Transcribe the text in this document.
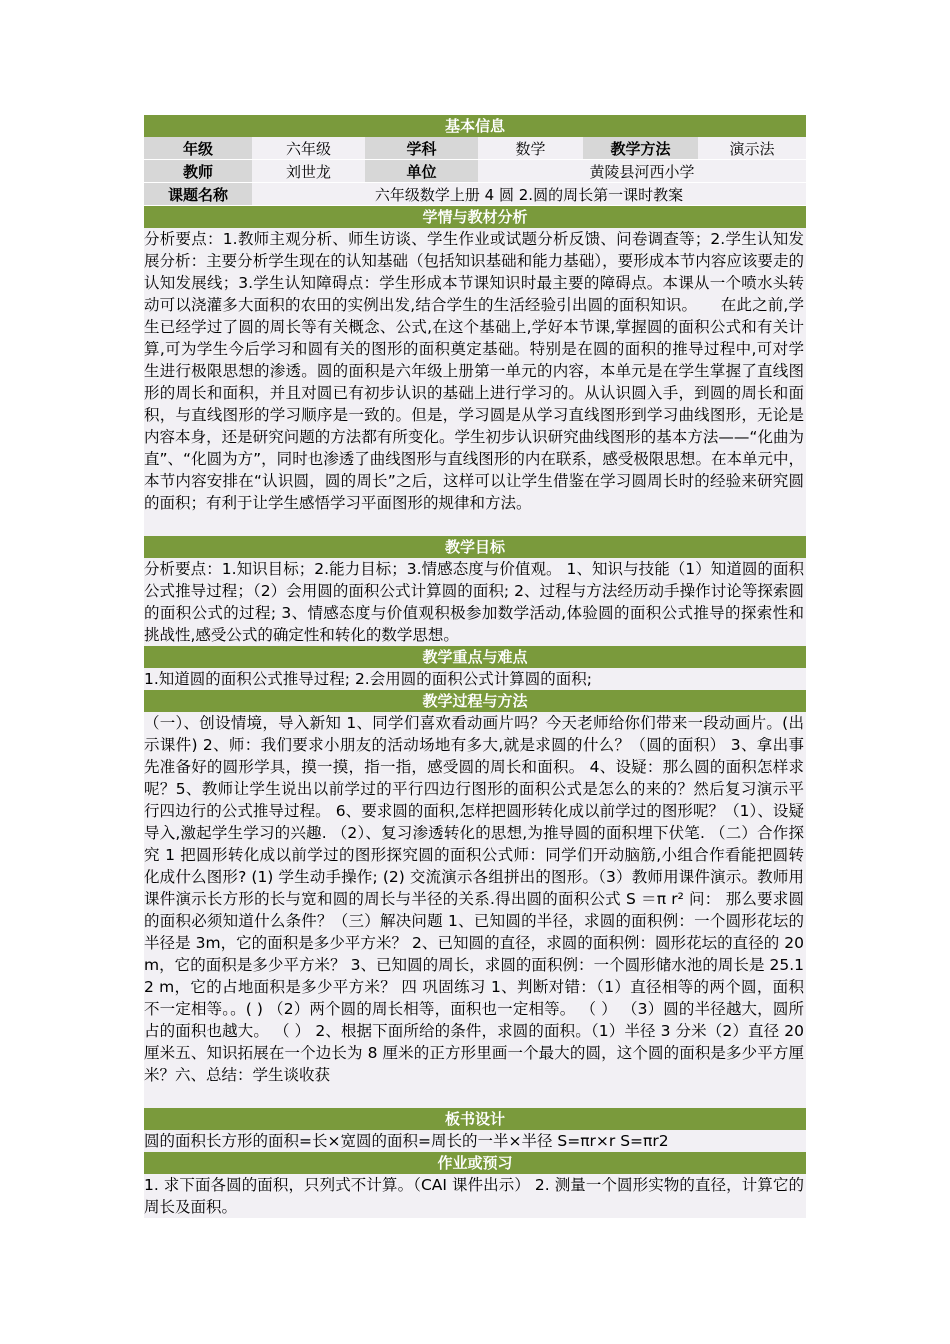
基本信息
年级	六年级	学科	数学	教学方法	演示法
教师	刘世龙	单位	黄陵县河西小学		
课题名称	六年级数学上册 4 圆 2.圆的周长第一课时教案				
学情与教材分析
分析要点：1.教师主观分析、师生访谈、学生作业或试题分析反馈、问卷调查等；2.学生认知发展分析：主要分析学生现在的认知基础（包括知识基础和能力基础），要形成本节内容应该要走的认知发展线；3.学生认知障碍点：学生形成本节课知识时最主要的障碍点。本课从一个喷水头转动可以浇灌多大面积的农田的实例出发,结合学生的生活经验引出圆的面积知识。　　在此之前,学生已经学过了圆的周长等有关概念、公式,在这个基础上,学好本节课,掌握圆的面积公式和有关计算,可为学生今后学习和圆有关的图形的面积奠定基础。特别是在圆的面积的推导过程中,可对学生进行极限思想的渗透。圆的面积是六年级上册第一单元的内容，本单元是在学生掌握了直线图形的周长和面积，并且对圆已有初步认识的基础上进行学习的。从认识圆入手，到圆的周长和面积，与直线图形的学习顺序是一致的。但是，学习圆是从学习直线图形到学习曲线图形，无论是内容本身，还是研究问题的方法都有所变化。学生初步认识研究曲线图形的基本方法——“化曲为直”、“化圆为方”，同时也渗透了曲线图形与直线图形的内在联系，感受极限思想。在本单元中，本节内容安排在“认识圆，圆的周长”之后，这样可以让学生借鉴在学习圆周长时的经验来研究圆的面积；有利于让学生感悟学习平面图形的规律和方法。
教学目标
分析要点：1.知识目标；2.能力目标；3.情感态度与价值观。 1、知识与技能（1）知道圆的面积公式推导过程；（2）会用圆的面积公式计算圆的面积; 2、过程与方法经历动手操作讨论等探索圆的面积公式的过程; 3、情感态度与价值观积极参加数学活动,体验圆的面积公式推导的探索性和挑战性,感受公式的确定性和转化的数学思想。
教学重点与难点
1.知道圆的面积公式推导过程; 2.会用圆的面积公式计算圆的面积;
教学过程与方法
（一）、创设情境，导入新知 1、同学们喜欢看动画片吗？今天老师给你们带来一段动画片。(出示课件) 2、师：我们要求小朋友的活动场地有多大,就是求圆的什么？（圆的面积） 3、拿出事先准备好的圆形学具，摸一摸，指一指，感受圆的周长和面积。 4、设疑：那么圆的面积怎样求呢？5、教师让学生说出以前学过的平行四边行图形的面积公式是怎么的来的？然后复习演示平行四边行的公式推导过程。 6、要求圆的面积,怎样把圆形转化成以前学过的图形呢？（1）、设疑导入,激起学生学习的兴趣. （2）、复习渗透转化的思想,为推导圆的面积埋下伏笔. （二）合作探究 1 把圆形转化成以前学过的图形探究圆的面积公式师：同学们开动脑筋,小组合作看能把圆转化成什么图形? (1) 学生动手操作; (2) 交流演示各组拼出的图形。（3）教师用课件演示。教师用课件演示长方形的长与宽和圆的周长与半径的关系.得出圆的面积公式 S ＝π r² 问： 那么要求圆的面积必须知道什么条件？（三）解决问题 1、已知圆的半径，求圆的面积例：一个圆形花坛的半径是 3m，它的面积是多少平方米？ 2、已知圆的直径，求圆的面积例：圆形花坛的直径的 20 m，它的面积是多少平方米？ 3、已知圆的周长，求圆的面积例：一个圆形储水池的周长是 25.12 m，它的占地面积是多少平方米？ 四 巩固练习 1、判断对错：（1）直径相等的两个圆，面积不一定相等。。( ) （2）两个圆的周长相等，面积也一定相等。 （ ） （3）圆的半径越大，圆所占的面积也越大。 （ ） 2、根据下面所给的条件，求圆的面积。（1）半径 3 分米（2）直径 20 厘米五、知识拓展在一个边长为 8 厘米的正方形里画一个最大的圆，这个圆的面积是多少平方厘米？六、总结：学生谈收获
板书设计
圆的面积长方形的面积=长×宽圆的面积=周长的一半×半径 S=πr×r S=πr2
作业或预习
1. 求下面各圆的面积，只列式不计算。（CAI 课件出示） 2. 测量一个圆形实物的直径，计算它的周长及面积。
